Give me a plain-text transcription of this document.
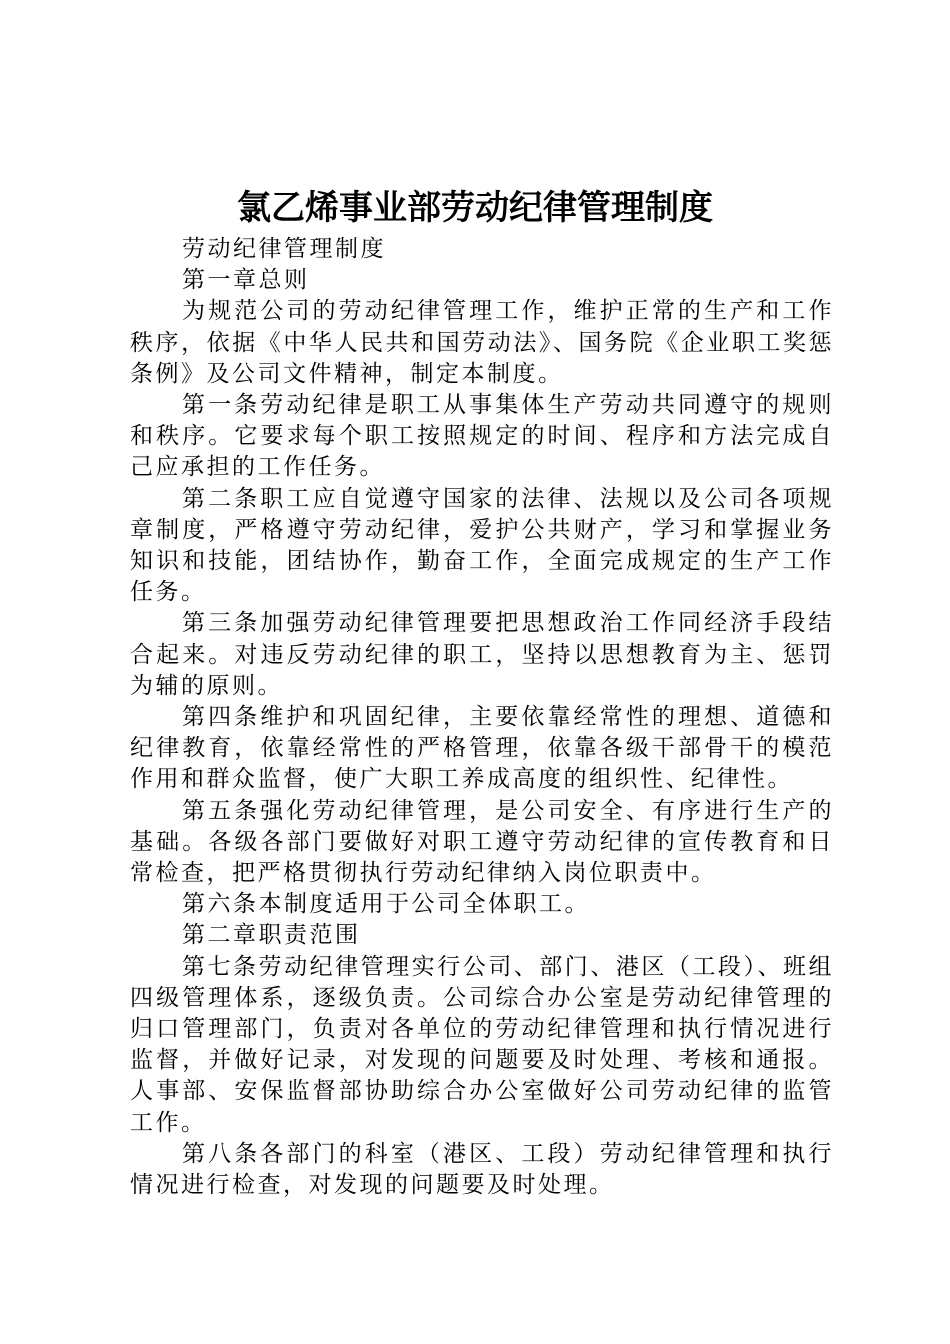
氯乙烯事业部劳动纪律管理制度

劳动纪律管理制度

第一章总则

为规范公司的劳动纪律管理工作，维护正常的生产和工作秩序，依据《中华人民共和国劳动法》、国务院《企业职工奖惩条例》及公司文件精神，制定本制度。

第一条劳动纪律是职工从事集体生产劳动共同遵守的规则和秩序。它要求每个职工按照规定的时间、程序和方法完成自己应承担的工作任务。

第二条职工应自觉遵守国家的法律、法规以及公司各项规章制度，严格遵守劳动纪律，爱护公共财产，学习和掌握业务知识和技能，团结协作，勤奋工作，全面完成规定的生产工作任务。

第三条加强劳动纪律管理要把思想政治工作同经济手段结合起来。对违反劳动纪律的职工，坚持以思想教育为主、惩罚为辅的原则。

第四条维护和巩固纪律，主要依靠经常性的理想、道德和纪律教育，依靠经常性的严格管理，依靠各级干部骨干的模范作用和群众监督，使广大职工养成高度的组织性、纪律性。

第五条强化劳动纪律管理，是公司安全、有序进行生产的基础。各级各部门要做好对职工遵守劳动纪律的宣传教育和日常检查，把严格贯彻执行劳动纪律纳入岗位职责中。

第六条本制度适用于公司全体职工。

第二章职责范围

第七条劳动纪律管理实行公司、部门、港区（工段）、班组四级管理体系，逐级负责。公司综合办公室是劳动纪律管理的归口管理部门，负责对各单位的劳动纪律管理和执行情况进行监督，并做好记录，对发现的问题要及时处理、考核和通报。人事部、安保监督部协助综合办公室做好公司劳动纪律的监管工作。

第八条各部门的科室（港区、工段）劳动纪律管理和执行情况进行检查，对发现的问题要及时处理。
